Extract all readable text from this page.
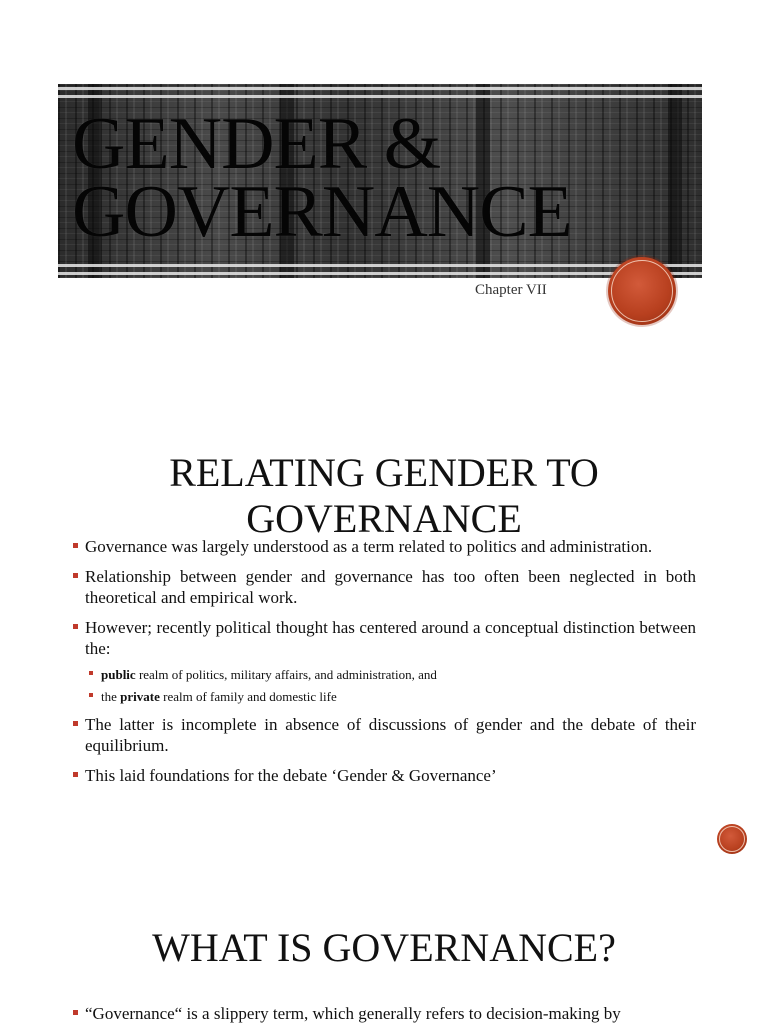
GENDER &
GOVERNANCE
Chapter VII
RELATING GENDER TO
GOVERNANCE
Governance was largely understood as a term related to politics and administration.
Relationship between gender and governance has too often been neglected in both theoretical and empirical work.
However; recently political thought has centered around a conceptual distinction between the:
public realm of politics, military affairs, and administration, and
the private realm of family and domestic life
The latter is incomplete in absence of discussions of gender and the debate of their equilibrium.
This laid foundations for the debate ‘Gender & Governance’
WHAT IS GOVERNANCE?
“Governance“ is a slippery term, which generally refers to decision-making by
